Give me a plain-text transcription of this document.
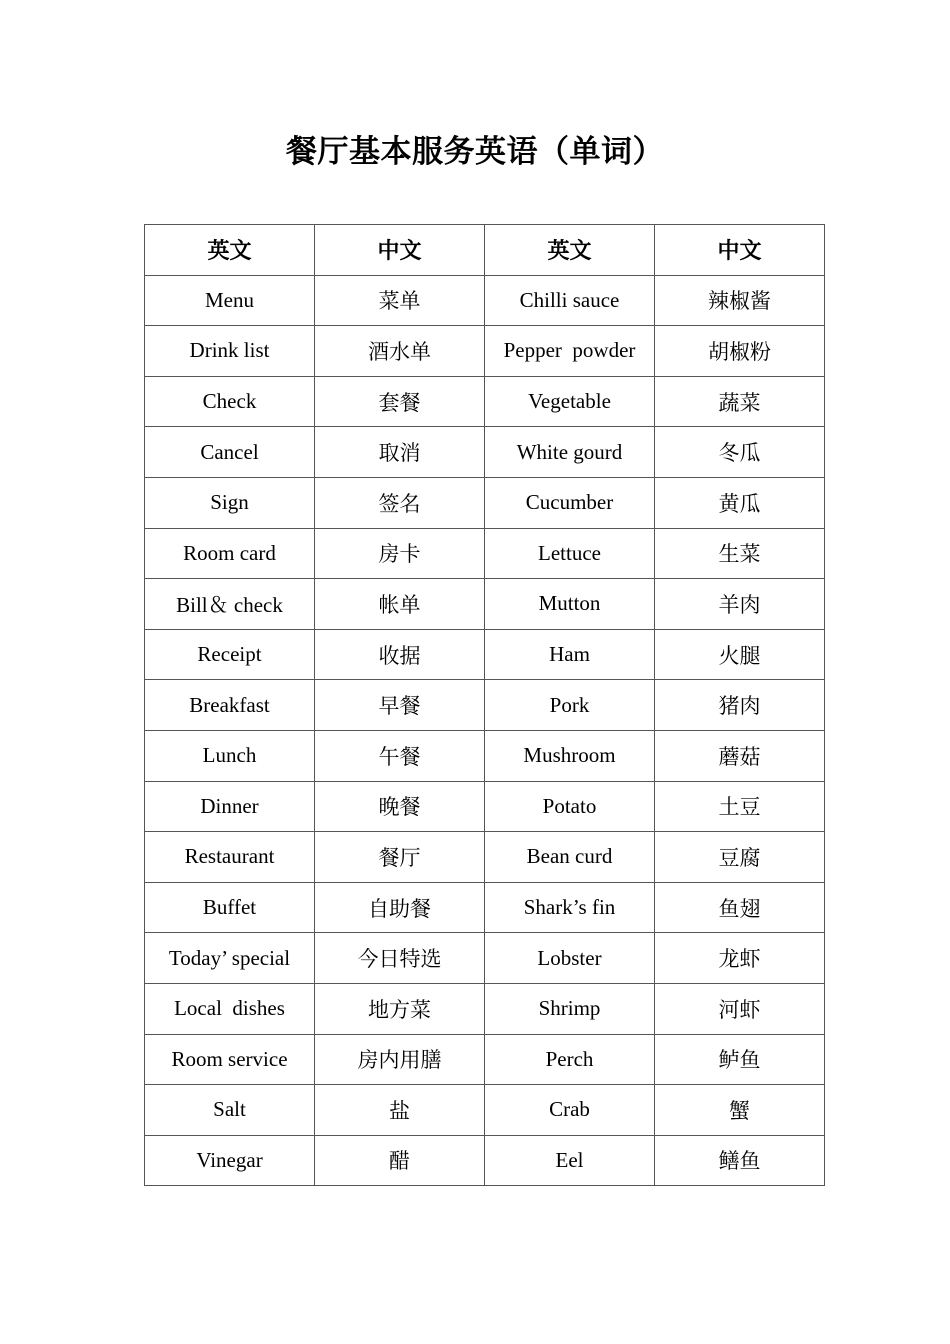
餐厅基本服务英语（单词）
英文	中文	英文	中文
Menu	菜单	Chilli sauce	辣椒酱
Drink list	酒水单	Pepper  powder	胡椒粉
Check	套餐	Vegetable	蔬菜
Cancel	取消	White gourd	冬瓜
Sign	签名	Cucumber	黄瓜
Room card	房卡	Lettuce	生菜
Bill＆ check	帐单	Mutton	羊肉
Receipt	收据	Ham	火腿
Breakfast	早餐	Pork	猪肉
Lunch	午餐	Mushroom	蘑菇
Dinner	晚餐	Potato	土豆
Restaurant	餐厅	Bean curd	豆腐
Buffet	自助餐	Shark’s fin	鱼翅
Today’ special	今日特选	Lobster	龙虾
Local  dishes	地方菜	Shrimp	河虾
Room service	房内用膳	Perch	鲈鱼
Salt	盐	Crab	蟹
Vinegar	醋	Eel	鳝鱼
